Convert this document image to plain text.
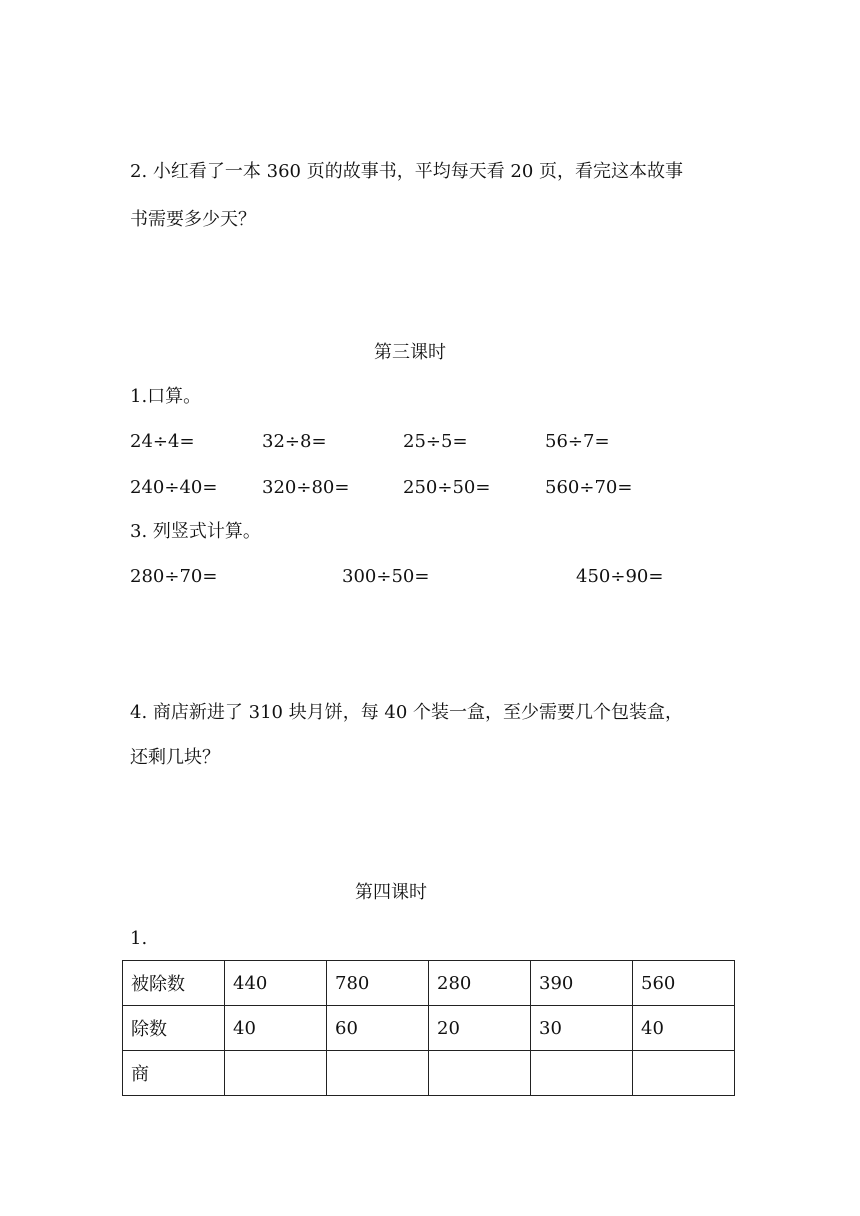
2. 小红看了一本 360 页的故事书，平均每天看 20 页，看完这本故事
书需要多少天？
第三课时
1.口算。
24÷4=	32÷8=	25÷5=	56÷7=
240÷40= 320÷80=	250÷50=	560÷70=
3. 列竖式计算。
280÷70=	300÷50=	450÷90=
4. 商店新进了 310 块月饼，每 40 个装一盒，至少需要几个包装盒，
还剩几块？
第四课时
1.
被除数	440	780	280	390	560
除数	40	60	20	30	40
商					
